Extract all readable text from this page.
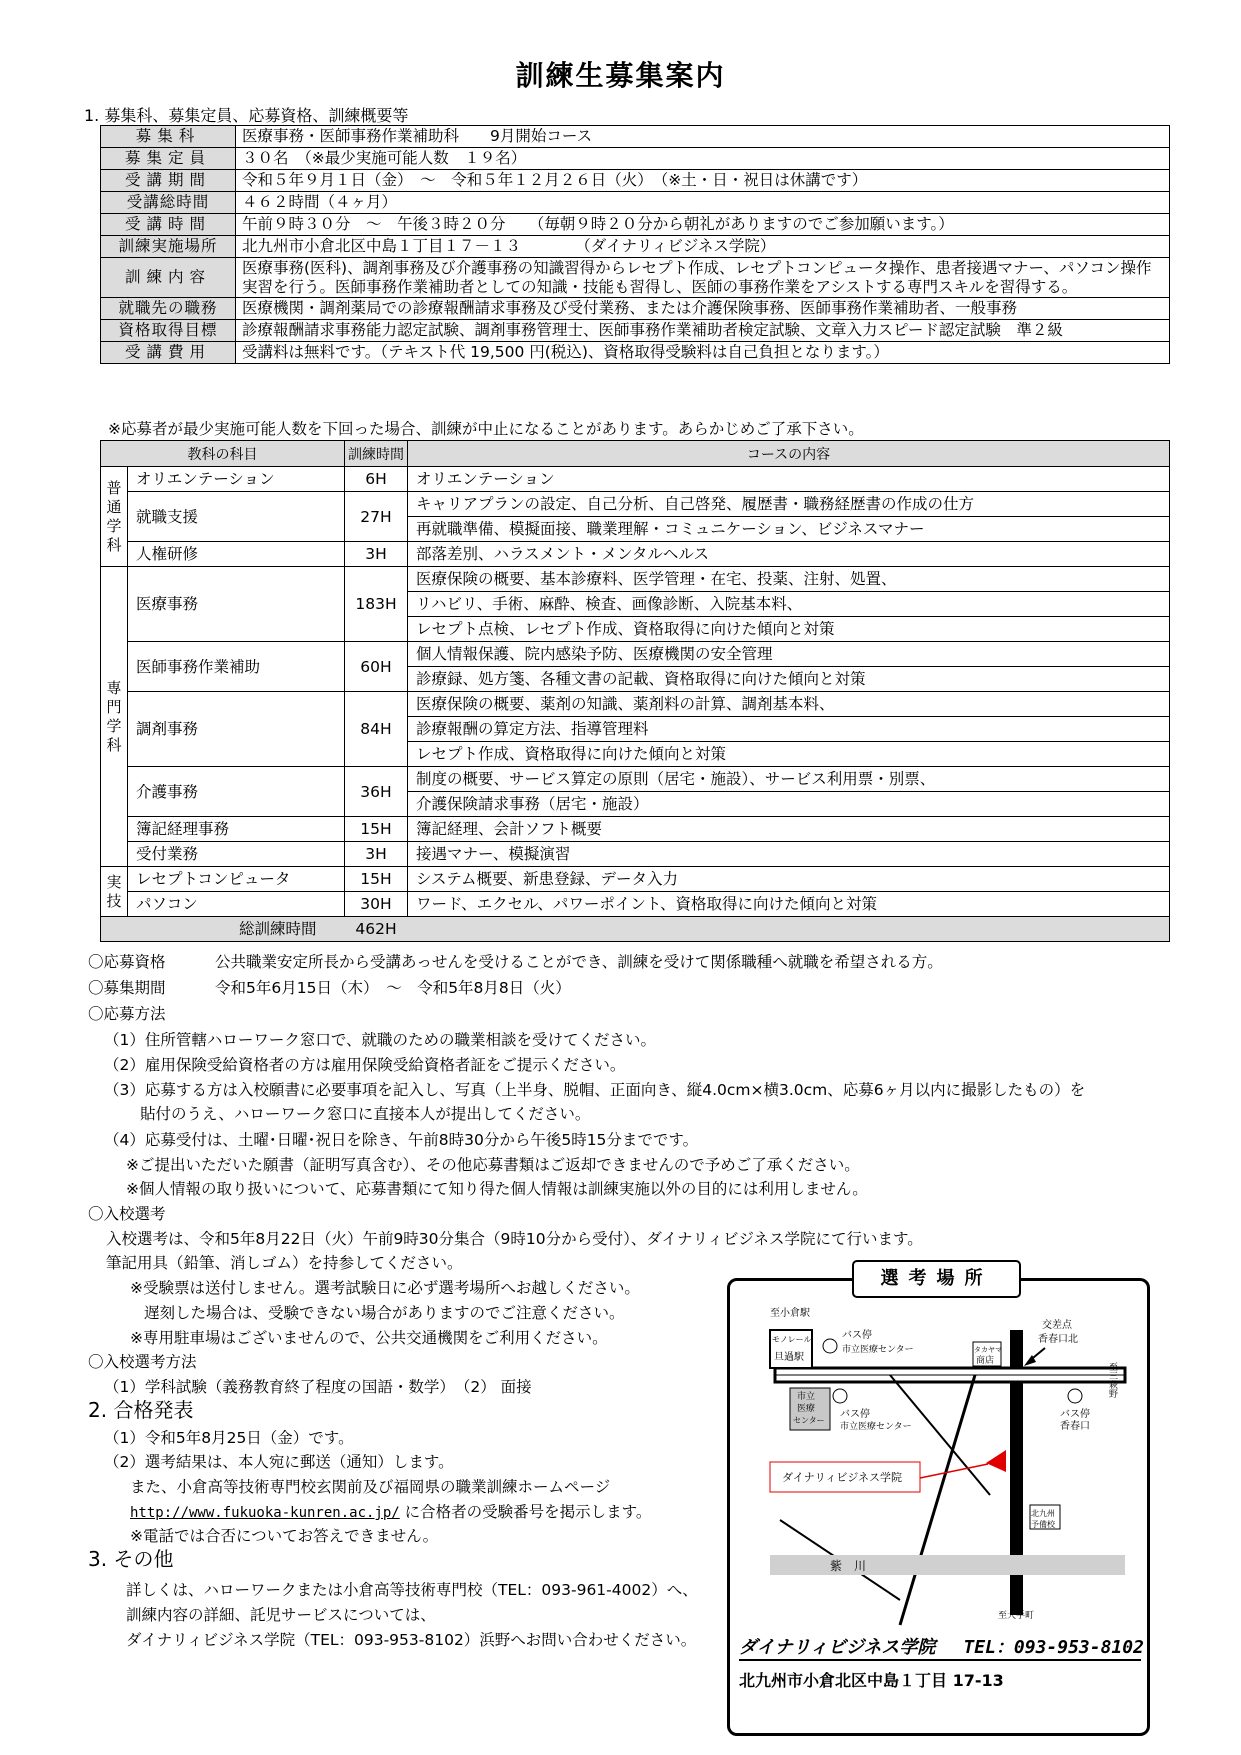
訓練生募集案内
1. 募集科、募集定員、応募資格、訓練概要等
募集科	医療事務・医師事務作業補助科　　9月開始コース
募集定員	３０名　（※最少実施可能人数　１９名）
受講期間	令和５年９月１日（金）　～　令和５年１２月２６日（火）　（※土・日・祝日は休講です）
受講総時間	４６２時間（４ヶ月）
受講時間	午前９時３０分　～　午後３時２０分　　（毎朝９時２０分から朝礼がありますのでご参加願います。）
訓練実施場所	北九州市小倉北区中島１丁目１７－１３　　　　（ダイナリィビジネス学院）
訓練内容	医療事務(医科)、調剤事務及び介護事務の知識習得からレセプト作成、レセプトコンピュータ操作、患者接遇マナー、パソコン操作実習を行う。医師事務作業補助者としての知識・技能も習得し、医師の事務作業をアシストする専門スキルを習得する。
就職先の職務	医療機関・調剤薬局での診療報酬請求事務及び受付業務、または介護保険事務、医師事務作業補助者、一般事務
資格取得目標	診療報酬請求事務能力認定試験、調剤事務管理士、医師事務作業補助者検定試験、文章入力スピード認定試験　準２級
受講費用	受講料は無料です。（テキスト代 19,500 円(税込)、資格取得受験料は自己負担となります。）
※応募者が最少実施可能人数を下回った場合、訓練が中止になることがあります。あらかじめご了承下さい。
教科の科目		訓練時間	コースの内容
普通学科	オリエンテーション	6H	オリエンテーション
	就職支援	27H	キャリアプランの設定、自己分析、自己啓発、履歴書・職務経歴書の作成の仕方
			再就職準備、模擬面接、職業理解・コミュニケーション、ビジネスマナー
	人権研修	3H	部落差別、ハラスメント・メンタルヘルス
専門学科	医療事務	183H	医療保険の概要、基本診療料、医学管理・在宅、投薬、注射、処置、
			リハビリ、手術、麻酔、検査、画像診断、入院基本料、
			レセプト点検、レセプト作成、資格取得に向けた傾向と対策
	医師事務作業補助	60H	個人情報保護、院内感染予防、医療機関の安全管理
			診療録、処方箋、各種文書の記載、資格取得に向けた傾向と対策
	調剤事務	84H	医療保険の概要、薬剤の知識、薬剤料の計算、調剤基本料、
			診療報酬の算定方法、指導管理料
			レセプト作成、資格取得に向けた傾向と対策
	介護事務	36H	制度の概要、サービス算定の原則（居宅・施設）、サービス利用票・別票、
			介護保険請求事務（居宅・施設）
	簿記経理事務	15H	簿記経理、会計ソフト概要
	受付業務	3H	接遇マナー、模擬演習
実技	レセプトコンピュータ	15H	システム概要、新患登録、データ入力
	パソコン	30H	ワード、エクセル、パワーポイント、資格取得に向けた傾向と対策
総訓練時間		462H	
〇応募資格	公共職業安定所長から受講あっせんを受けることができ、訓練を受けて関係職種へ就職を希望される方。
〇募集期間	令和5年6月15日（木）　～　令和5年8月8日（火）
〇応募方法
（1）住所管轄ハローワーク窓口で、就職のための職業相談を受けてください。
（2）雇用保険受給資格者の方は雇用保険受給資格者証をご提示ください。
（3）応募する方は入校願書に必要事項を記入し、写真（上半身、脱帽、正面向き、縦4.0cm×横3.0cm、応募6ヶ月以内に撮影したもの）を
貼付のうえ、ハローワーク窓口に直接本人が提出してください。
（4）応募受付は、土曜･日曜･祝日を除き、午前8時30分から午後5時15分までです。
※ご提出いただいた願書（証明写真含む）、その他応募書類はご返却できませんので予めご了承ください。
※個人情報の取り扱いについて、応募書類にて知り得た個人情報は訓練実施以外の目的には利用しません。
〇入校選考
入校選考は、令和5年8月22日（火）午前9時30分集合（9時10分から受付）、ダイナリィビジネス学院にて行います。
筆記用具（鉛筆、消しゴム）を持参してください。
※受験票は送付しません。選考試験日に必ず選考場所へお越しください。
遅刻した場合は、受験できない場合がありますのでご注意ください。
※専用駐車場はございませんので、公共交通機関をご利用ください。
〇入校選考方法
（1）学科試験（義務教育終了程度の国語・数学）　（2） 面接
2. 合格発表
（1）令和5年8月25日（金）です。
（2）選考結果は、本人宛に郵送（通知）します。
また、小倉高等技術専門校玄関前及び福岡県の職業訓練ホームページ
http://www.fukuoka-kunren.ac.jp/ に合格者の受験番号を掲示します。
※電話では合否についてお答えできません。
3. その他
詳しくは、ハローワークまたは小倉高等技術専門校（TEL：093-961-4002）へ、
訓練内容の詳細、託児サービスについては、
ダイナリィビジネス学院（TEL：093-953-8102）浜野へお問い合わせください。
選考場所
紫　川
モノレール
旦過駅
至小倉駅
バス停
市立医療センター
バス停
市立医療センター
バス停
香春口
市立
医療
センター
タカヤマ
商店
交差点
香春口北
至三萩野
ダイナリィビジネス学院
北九州
予備校
至大手町
ダイナリィビジネス学院 TEL：093-953-8102
北九州市小倉北区中島１丁目 17-13
